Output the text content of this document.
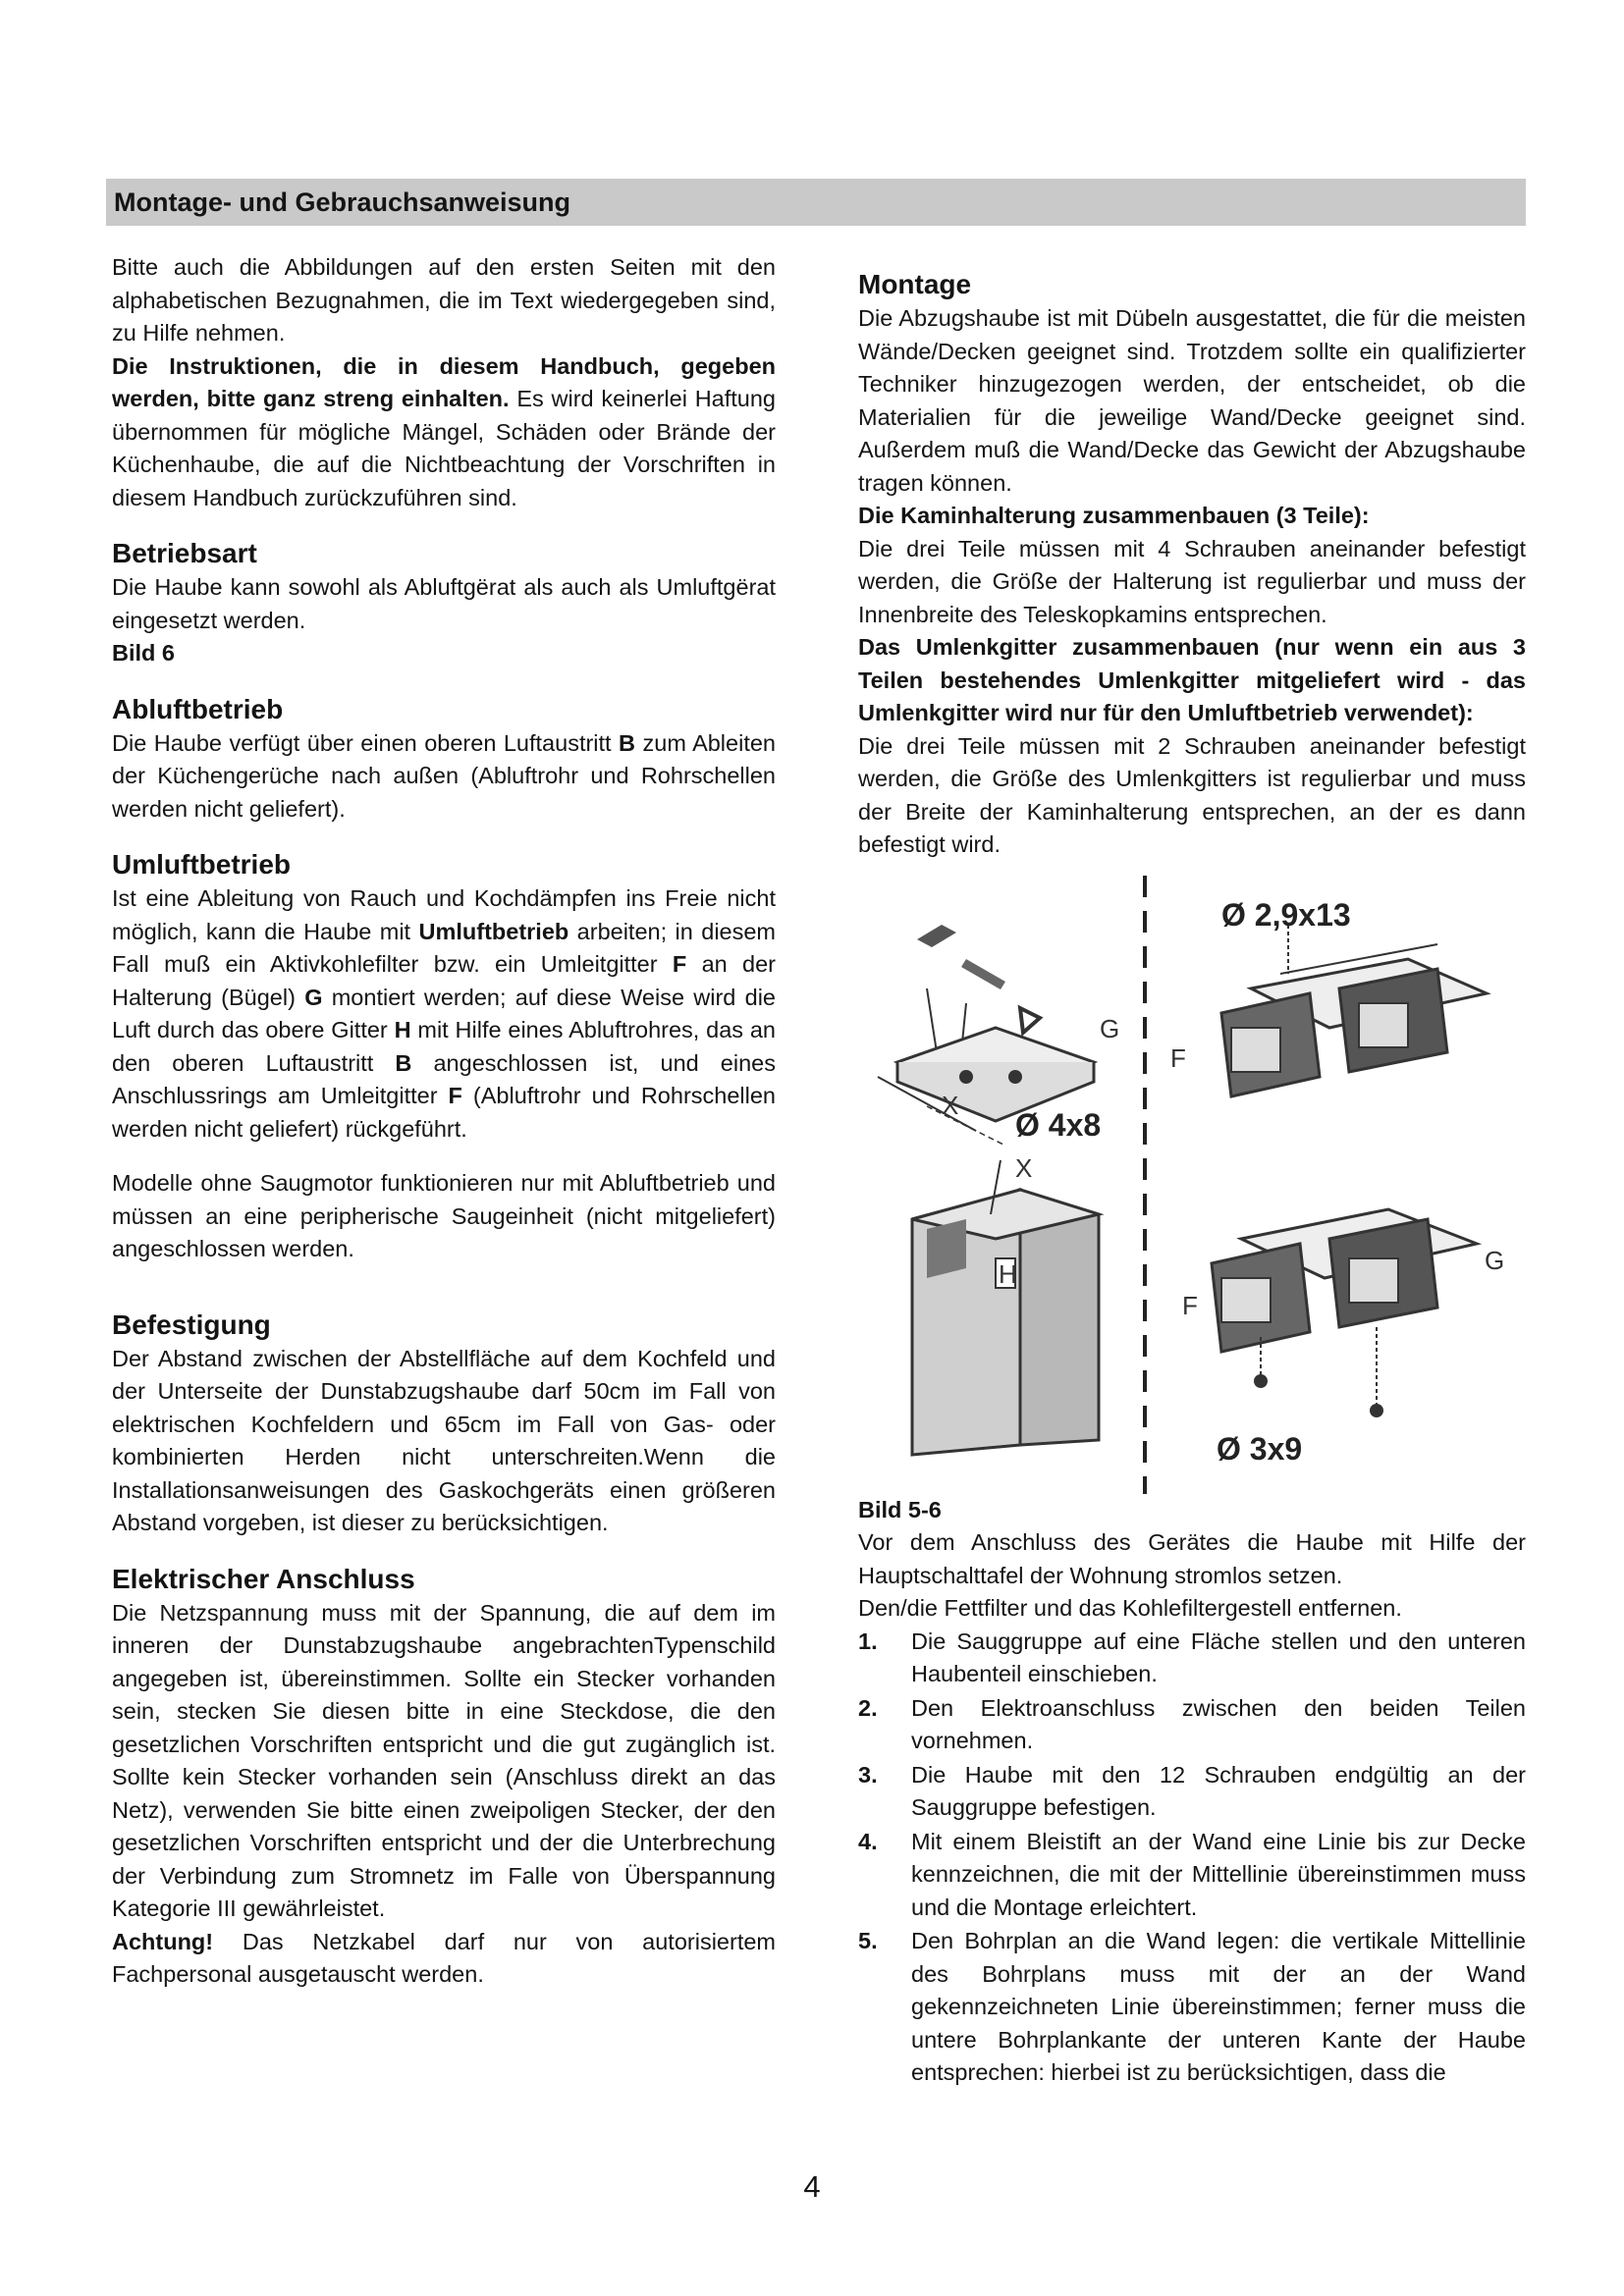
Montage- und Gebrauchsanweisung

Bitte auch die Abbildungen auf den ersten Seiten mit den alphabetischen Bezugnahmen, die im Text wiedergegeben sind, zu Hilfe nehmen.

Die Instruktionen, die in diesem Handbuch, gegeben werden, bitte ganz streng einhalten. Es wird keinerlei Haftung übernommen für mögliche Mängel, Schäden oder Brände der Küchenhaube, die auf die Nichtbeachtung der Vorschriften in diesem Handbuch zurückzuführen sind.

Betriebsart

Die Haube kann sowohl als Abluftgërat als auch als Umluftgërat eingesetzt werden.

Bild 6

Abluftbetrieb

Die Haube verfügt über einen oberen Luftaustritt B zum Ableiten der Küchengerüche nach außen (Abluftrohr und Rohrschellen werden nicht geliefert).

Umluftbetrieb

Ist eine Ableitung von Rauch und Kochdämpfen ins Freie nicht möglich, kann die Haube mit Umluftbetrieb arbeiten; in diesem Fall muß ein Aktivkohlefilter bzw. ein Umleitgitter F an der Halterung (Bügel) G montiert werden; auf diese Weise wird die Luft durch das obere Gitter H mit Hilfe eines Abluftrohres, das an den oberen Luftaustritt B angeschlossen ist, und eines Anschlussrings am Umleitgitter F (Abluftrohr und Rohrschellen werden nicht geliefert) rückgeführt.

Modelle ohne Saugmotor funktionieren nur mit Abluftbetrieb und müssen an eine peripherische Saugeinheit (nicht mitgeliefert) angeschlossen werden.

Befestigung

Der Abstand zwischen der Abstellfläche auf dem Kochfeld und der Unterseite der Dunstabzugshaube darf 50cm im Fall von elektrischen Kochfeldern und 65cm im Fall von Gas- oder kombinierten Herden nicht unterschreiten.Wenn die Installationsanweisungen des Gaskochgeräts einen größeren Abstand vorgeben, ist dieser zu berücksichtigen.

Elektrischer Anschluss

Die Netzspannung muss mit der Spannung, die auf dem im inneren der Dunstabzugshaube angebrachtenTypenschild angegeben ist, übereinstimmen. Sollte ein Stecker vorhanden sein, stecken Sie diesen bitte in eine Steckdose, die den gesetzlichen Vorschriften entspricht und die gut zugänglich ist. Sollte kein Stecker vorhanden sein (Anschluss direkt an das Netz), verwenden Sie bitte einen zweipoligen Stecker, der den gesetzlichen Vorschriften entspricht und der die Unterbrechung der Verbindung zum Stromnetz im Falle von Überspannung Kategorie III gewährleistet.

Achtung! Das Netzkabel darf nur von autorisiertem Fachpersonal ausgetauscht werden.

Montage

Die Abzugshaube ist mit Dübeln ausgestattet, die für die meisten Wände/Decken geeignet sind. Trotzdem sollte ein qualifizierter Techniker hinzugezogen werden, der entscheidet, ob die Materialien für die jeweilige Wand/Decke geeignet sind. Außerdem muß die Wand/Decke das Gewicht der Abzugshaube tragen können.

Die Kaminhalterung zusammenbauen (3 Teile):

Die drei Teile müssen mit 4 Schrauben aneinander befestigt werden, die Größe der Halterung ist regulierbar und muss der Innenbreite des Teleskopkamins entsprechen.

Das Umlenkgitter zusammenbauen (nur wenn ein aus 3 Teilen bestehendes Umlenkgitter mitgeliefert wird - das Umlenkgitter wird nur für den Umluftbetrieb verwendet):

Die drei Teile müssen mit 2 Schrauben aneinander befestigt werden, die Größe des Umlenkgitters ist regulierbar und muss der Breite der Kaminhalterung entsprechen, an der es dann befestigt wird.

Ø 2,9x13
Ø 4x8
Ø 3x9
G
F
X
X
H
F
G

Bild 5-6

Vor dem Anschluss des Gerätes die Haube mit Hilfe der Hauptschalttafel der Wohnung stromlos setzen.

Den/die Fettfilter und das Kohlefiltergestell entfernen.

1. Die Sauggruppe auf eine Fläche stellen und den unteren Haubenteil einschieben.
2. Den Elektroanschluss zwischen den beiden Teilen vornehmen.
3. Die Haube mit den 12 Schrauben endgültig an der Sauggruppe befestigen.
4. Mit einem Bleistift an der Wand eine Linie bis zur Decke kennzeichnen, die mit der Mittellinie übereinstimmen muss und die Montage erleichtert.
5. Den Bohrplan an die Wand legen: die vertikale Mittellinie des Bohrplans muss mit der an der Wand gekennzeichneten Linie übereinstimmen; ferner muss die untere Bohrplankante der unteren Kante der Haube entsprechen: hierbei ist zu berücksichtigen, dass die
4
